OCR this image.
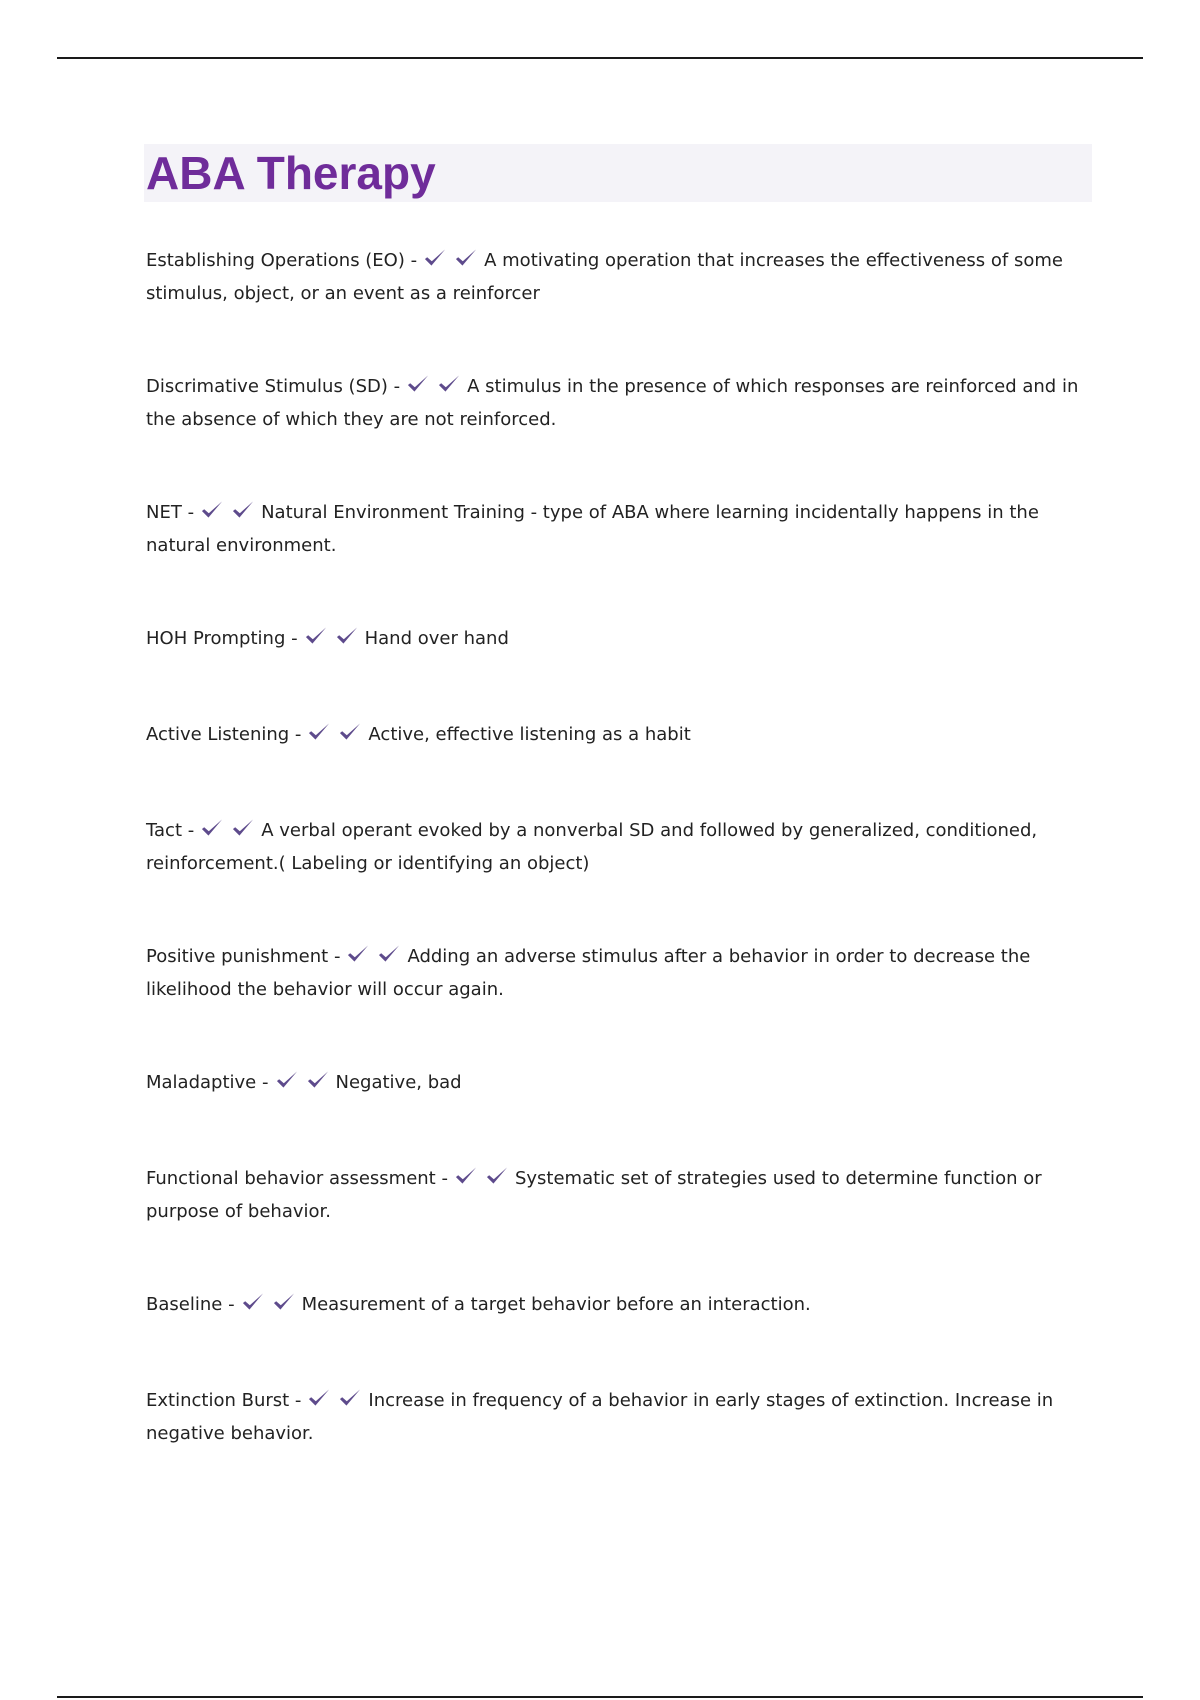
ABA Therapy
Establishing Operations (EO) -	A motivating operation that increases the effectiveness of some stimulus, object, or an event as a reinforcer
Discrimative Stimulus (SD) -	A stimulus in the presence of which responses are reinforced and in the absence of which they are not reinforced.
NET -	Natural Environment Training - type of ABA where learning incidentally happens in the natural environment.
HOH Prompting -	Hand over hand
Active Listening -	Active, effective listening as a habit
Tact -	A verbal operant evoked by a nonverbal SD and followed by generalized, conditioned, reinforcement.( Labeling or identifying an object)
Positive punishment -	Adding an adverse stimulus after a behavior in order to decrease the likelihood the behavior will occur again.
Maladaptive -	Negative, bad
Functional behavior assessment -	Systematic set of strategies used to determine function or purpose of behavior.
Baseline -	Measurement of a target behavior before an interaction.
Extinction Burst -	Increase in frequency of a behavior in early stages of extinction. Increase in negative behavior.
